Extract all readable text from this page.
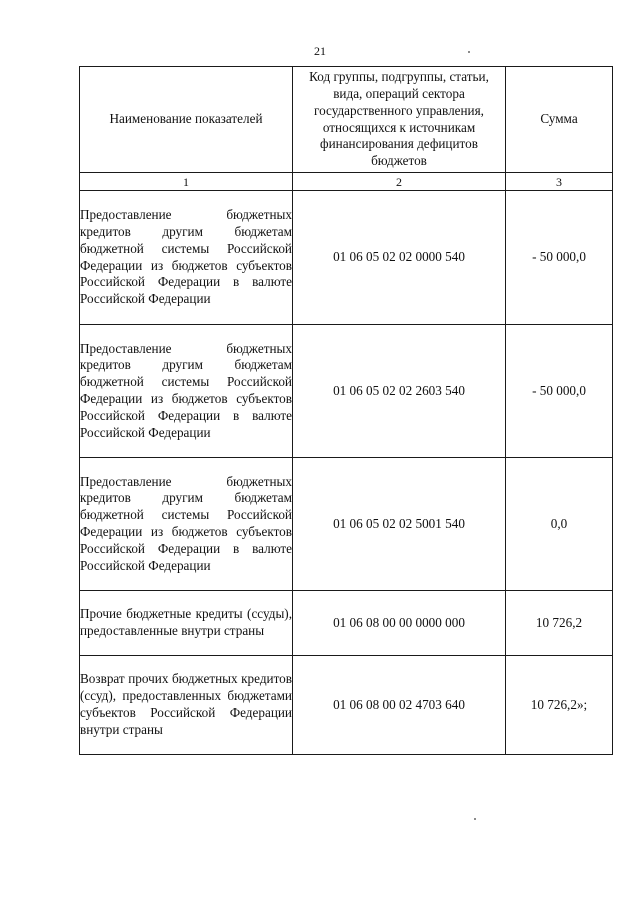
21
Наименование показателей	Код группы, подгруппы, статьи, вида, операций сектора государственного управления, относящихся к источникам финансирования дефицитов бюджетов	Сумма
1	2	3
Предоставление бюджетных кредитов другим бюджетам бюджетной системы Российской Федерации из бюджетов субъектов Российской Федерации в валюте Российской Федерации	01 06 05 02 02 0000 540	- 50 000,0
Предоставление бюджетных кредитов другим бюджетам бюджетной системы Российской Федерации из бюджетов субъектов Российской Федерации в валюте Российской Федерации	01 06 05 02 02 2603 540	- 50 000,0
Предоставление бюджетных кредитов другим бюджетам бюджетной системы Российской Федерации из бюджетов субъектов Российской Федерации в валюте Российской Федерации	01 06 05 02 02 5001 540	0,0
Прочие бюджетные кредиты (ссуды), предоставленные внутри страны	01 06 08 00 00 0000 000	10 726,2
Возврат прочих бюджетных кредитов (ссуд), предоставленных бюджетами субъектов Российской Федерации внутри страны	01 06 08 00 02 4703 640	10 726,2»;
